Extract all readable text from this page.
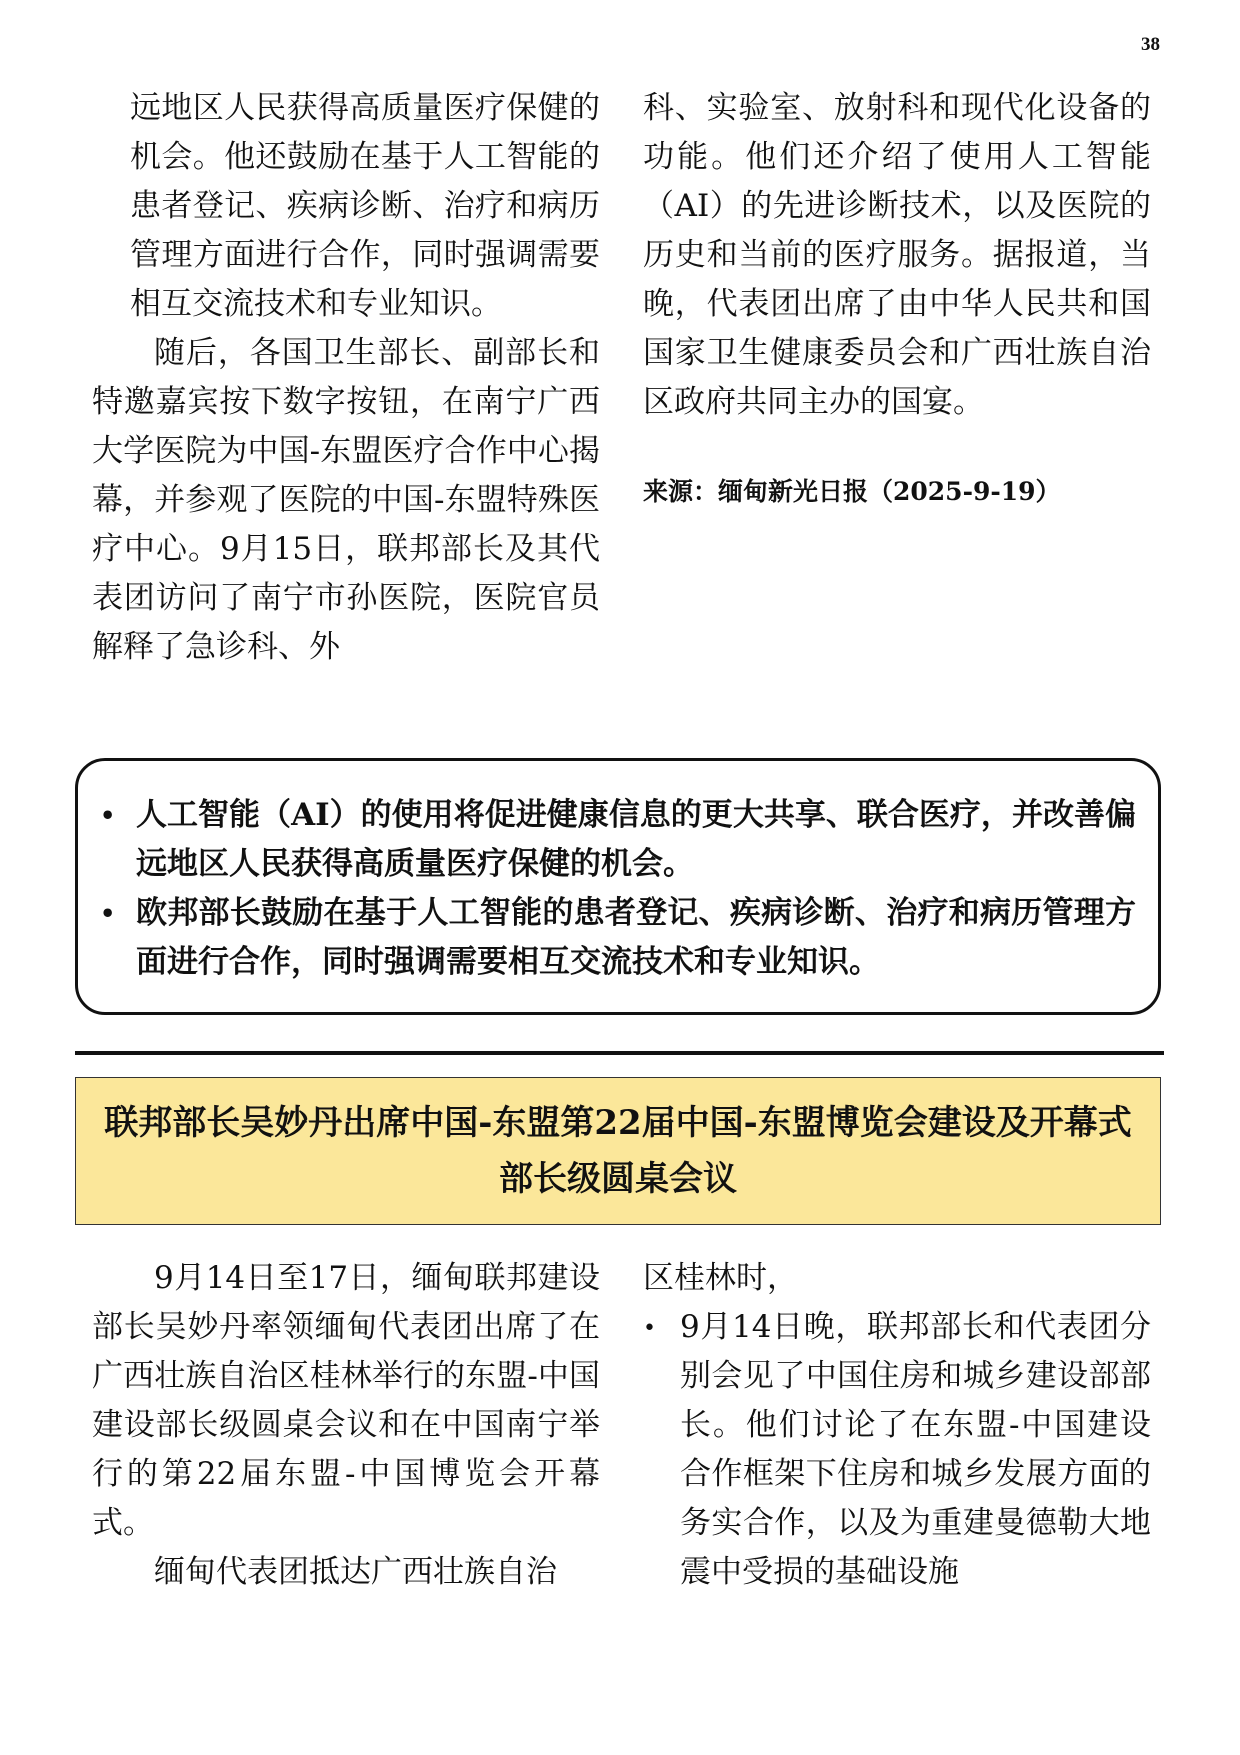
38

远地区人民获得高质量医疗保健的机会。他还鼓励在基于人工智能的患者登记、疾病诊断、治疗和病历管理方面进行合作，同时强调需要相互交流技术和专业知识。

随后，各国卫生部长、副部长和特邀嘉宾按下数字按钮，在南宁广西大学医院为中国-东盟医疗合作中心揭幕，并参观了医院的中国-东盟特殊医疗中心。9月15日，联邦部长及其代表团访问了南宁市孙医院，医院官员解释了急诊科、外

科、实验室、放射科和现代化设备的功能。他们还介绍了使用人工智能（AI）的先进诊断技术，以及医院的历史和当前的医疗服务。据报道，当晚，代表团出席了由中华人民共和国国家卫生健康委员会和广西壮族自治区政府共同主办的国宴。

来源：缅甸新光日报（2025-9-19）

• 人工智能（AI）的使用将促进健康信息的更大共享、联合医疗，并改善偏远地区人民获得高质量医疗保健的机会。
• 欧邦部长鼓励在基于人工智能的患者登记、疾病诊断、治疗和病历管理方面进行合作，同时强调需要相互交流技术和专业知识。
联邦部长吴妙丹出席中国-东盟第22届中国-东盟博览会建设及开幕式部长级圆桌会议

9月14日至17日，缅甸联邦建设部长吴妙丹率领缅甸代表团出席了在广西壮族自治区桂林举行的东盟-中国建设部长级圆桌会议和在中国南宁举行的第22届东盟-中国博览会开幕式。

缅甸代表团抵达广西壮族自治

区桂林时，

• 9月14日晚，联邦部长和代表团分别会见了中国住房和城乡建设部部长。他们讨论了在东盟-中国建设合作框架下住房和城乡发展方面的务实合作，以及为重建曼德勒大地震中受损的基础设施
